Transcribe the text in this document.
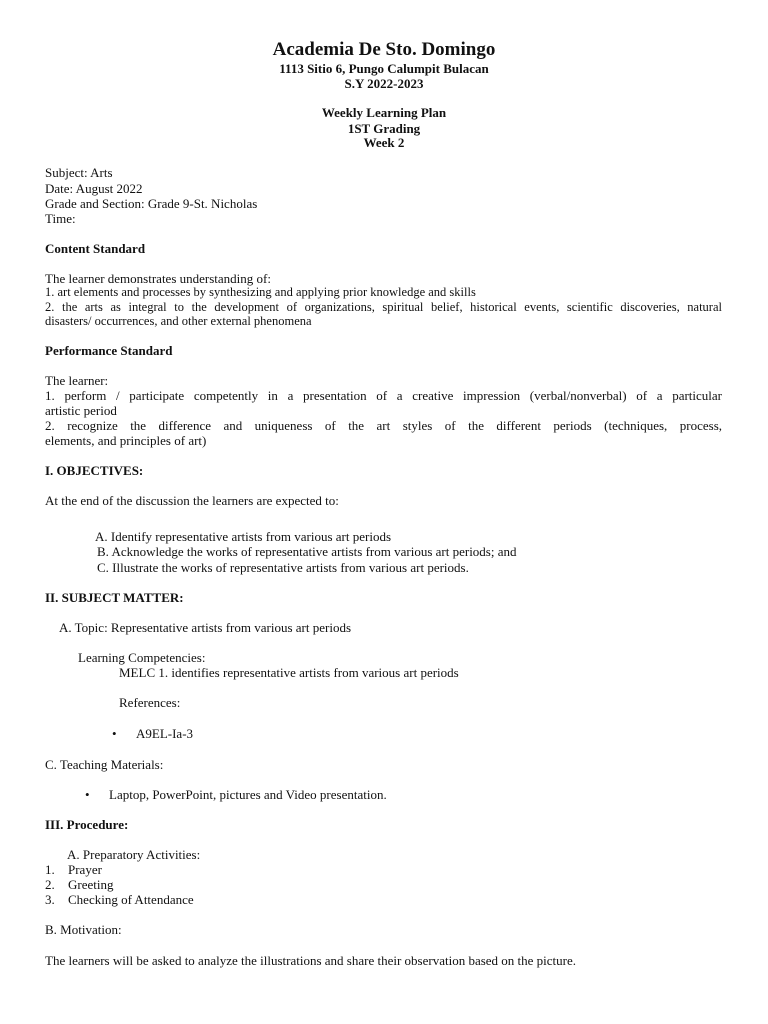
Academia De Sto. Domingo
1113 Sitio 6, Pungo Calumpit Bulacan
S.Y 2022-2023
Weekly Learning Plan
1ST Grading
Week 2
Subject: Arts
Date: August 2022
Grade and Section: Grade 9-St. Nicholas
Time:
Content Standard
The learner demonstrates understanding of:
1. art elements and processes by synthesizing and applying prior knowledge and skills
2. the arts as integral to the development of organizations, spiritual belief, historical events, scientific discoveries, natural
disasters/ occurrences, and other external phenomena
Performance Standard
The learner:
1. perform / participate competently in a presentation of a creative impression (verbal/nonverbal) of a particular
artistic period
2. recognize the difference and uniqueness of the art styles of the different periods (techniques, process,
elements, and principles of art)
I. OBJECTIVES:
At the end of the discussion the learners are expected to:
A. Identify representative artists from various art periods
B. Acknowledge the works of representative artists from various art periods; and
C. Illustrate the works of representative artists from various art periods.
II. SUBJECT MATTER:
A. Topic: Representative artists from various art periods
Learning Competencies:
MELC 1. identifies representative artists from various art periods
References:
• A9EL-Ia-3
C. Teaching Materials:
• Laptop, PowerPoint, pictures and Video presentation.
III. Procedure:
A. Preparatory Activities:
1. Prayer
2. Greeting
3. Checking of Attendance
B. Motivation:
The learners will be asked to analyze the illustrations and share their observation based on the picture.
